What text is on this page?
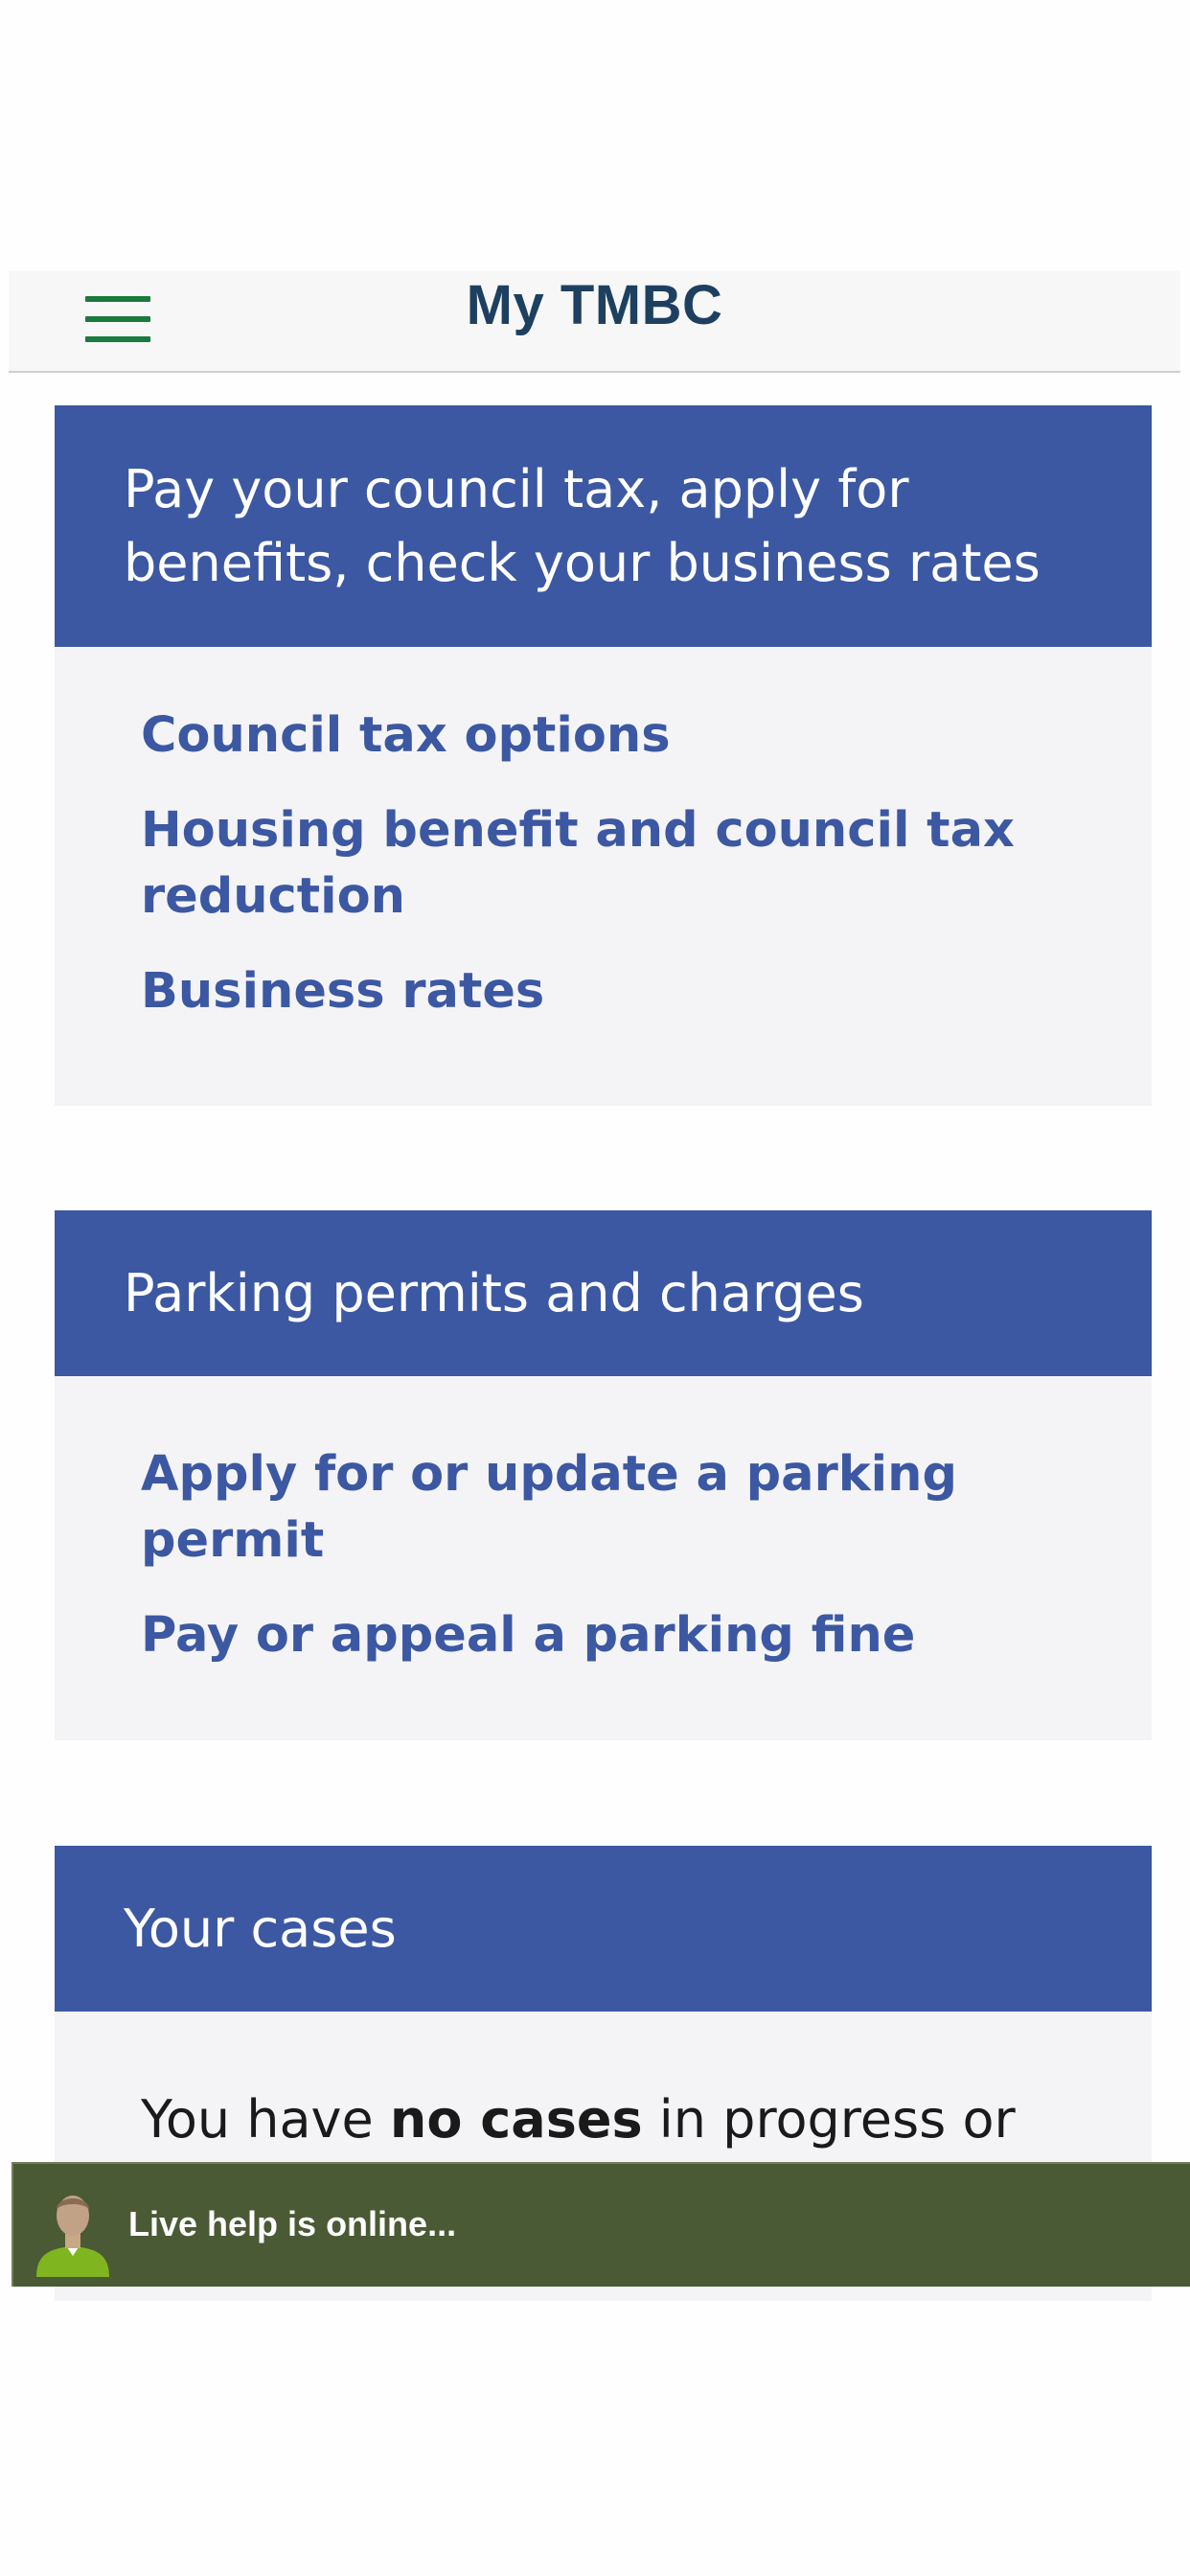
My TMBC
Pay your council tax, apply for benefits, check your business rates
Council tax options
Housing benefit and council tax reduction
Business rates
Parking permits and charges
Apply for or update a parking permit
Pay or appeal a parking fine
Your cases
You have no cases in progress or
Live help is online...
